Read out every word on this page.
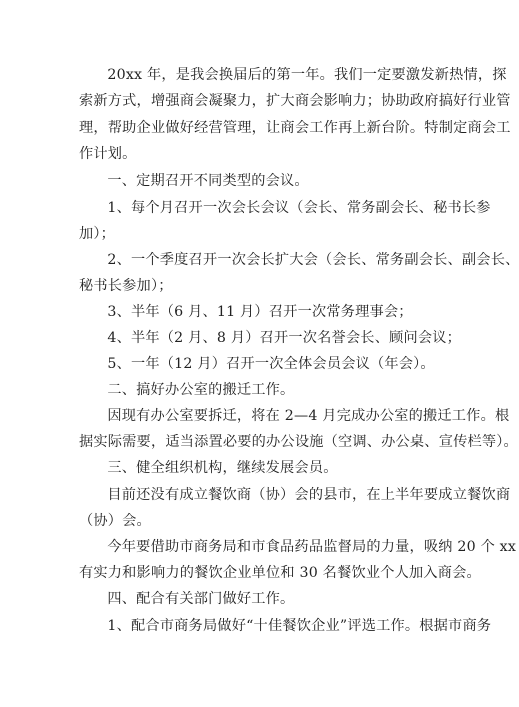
20xx 年，是我会换届后的第一年。我们一定要激发新热情，探
索新方式，增强商会凝聚力，扩大商会影响力；协助政府搞好行业管
理，帮助企业做好经营管理，让商会工作再上新台阶。特制定商会工
作计划。
一、定期召开不同类型的会议。
1、每个月召开一次会长会议（会长、常务副会长、秘书长参
加）；
2、一个季度召开一次会长扩大会（会长、常务副会长、副会长、
秘书长参加）；
3、半年（6 月、11 月）召开一次常务理事会；
4、半年（2 月、8 月）召开一次名誉会长、顾问会议；
5、一年（12 月）召开一次全体会员会议（年会）。
二、搞好办公室的搬迁工作。
因现有办公室要拆迁，将在 2—4 月完成办公室的搬迁工作。根
据实际需要，适当添置必要的办公设施（空调、办公桌、宣传栏等）。
三、健全组织机构，继续发展会员。
目前还没有成立餐饮商（协）会的县市，在上半年要成立餐饮商
（协）会。
今年要借助市商务局和市食品药品监督局的力量，吸纳 20 个 xx
有实力和影响力的餐饮企业单位和 30 名餐饮业个人加入商会。
四、配合有关部门做好工作。
1、配合市商务局做好“十佳餐饮企业”评选工作。根据市商务
